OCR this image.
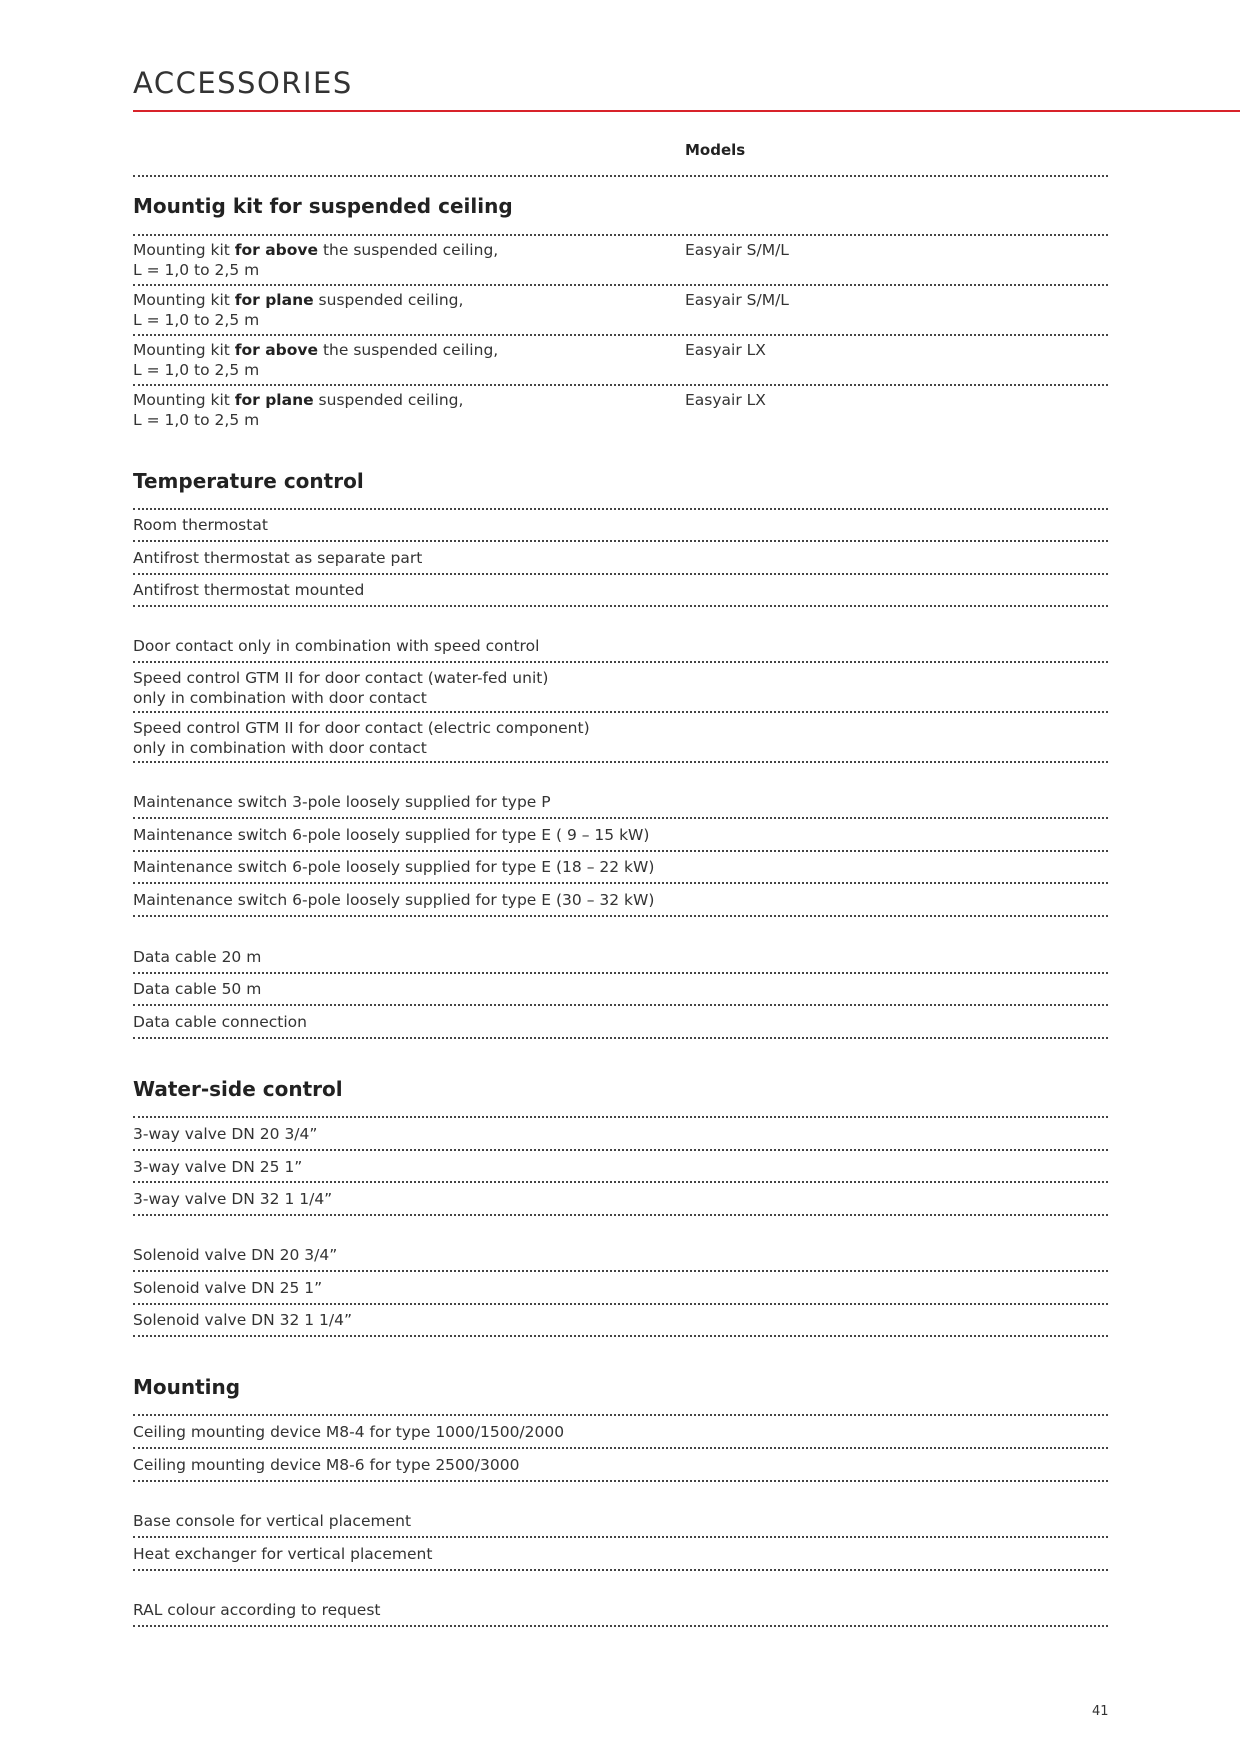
ACCESSORIES
Models
Mountig kit for suspended ceiling
Mounting kit for above the suspended ceiling,
L = 1,0 to 2,5 m
Easyair S/M/L
Mounting kit for plane suspended ceiling,
L = 1,0 to 2,5 m
Easyair S/M/L
Mounting kit for above the suspended ceiling,
L = 1,0 to 2,5 m
Easyair LX
Mounting kit for plane suspended ceiling,
L = 1,0 to 2,5 m
Easyair LX
Temperature control
Room thermostat
Antifrost thermostat as separate part
Antifrost thermostat mounted
Door contact only in combination with speed control
Speed control GTM II for door contact (water-fed unit)
only in combination with door contact
Speed control GTM II for door contact (electric component)
only in combination with door contact
Maintenance switch 3-pole loosely supplied for type P
Maintenance switch 6-pole loosely supplied for type E ( 9 – 15 kW)
Maintenance switch 6-pole loosely supplied for type E (18 – 22 kW)
Maintenance switch 6-pole loosely supplied for type E (30 – 32 kW)
Data cable 20 m
Data cable 50 m
Data cable connection
Water-side control
3-way valve DN 20 3/4”
3-way valve DN 25 1”
3-way valve DN 32 1 1/4”
Solenoid valve DN 20 3/4”
Solenoid valve DN 25 1”
Solenoid valve DN 32 1 1/4”
Mounting
Ceiling mounting device M8-4 for type 1000/1500/2000
Ceiling mounting device M8-6 for type 2500/3000
Base console for vertical placement
Heat exchanger for vertical placement
RAL colour according to request
41
